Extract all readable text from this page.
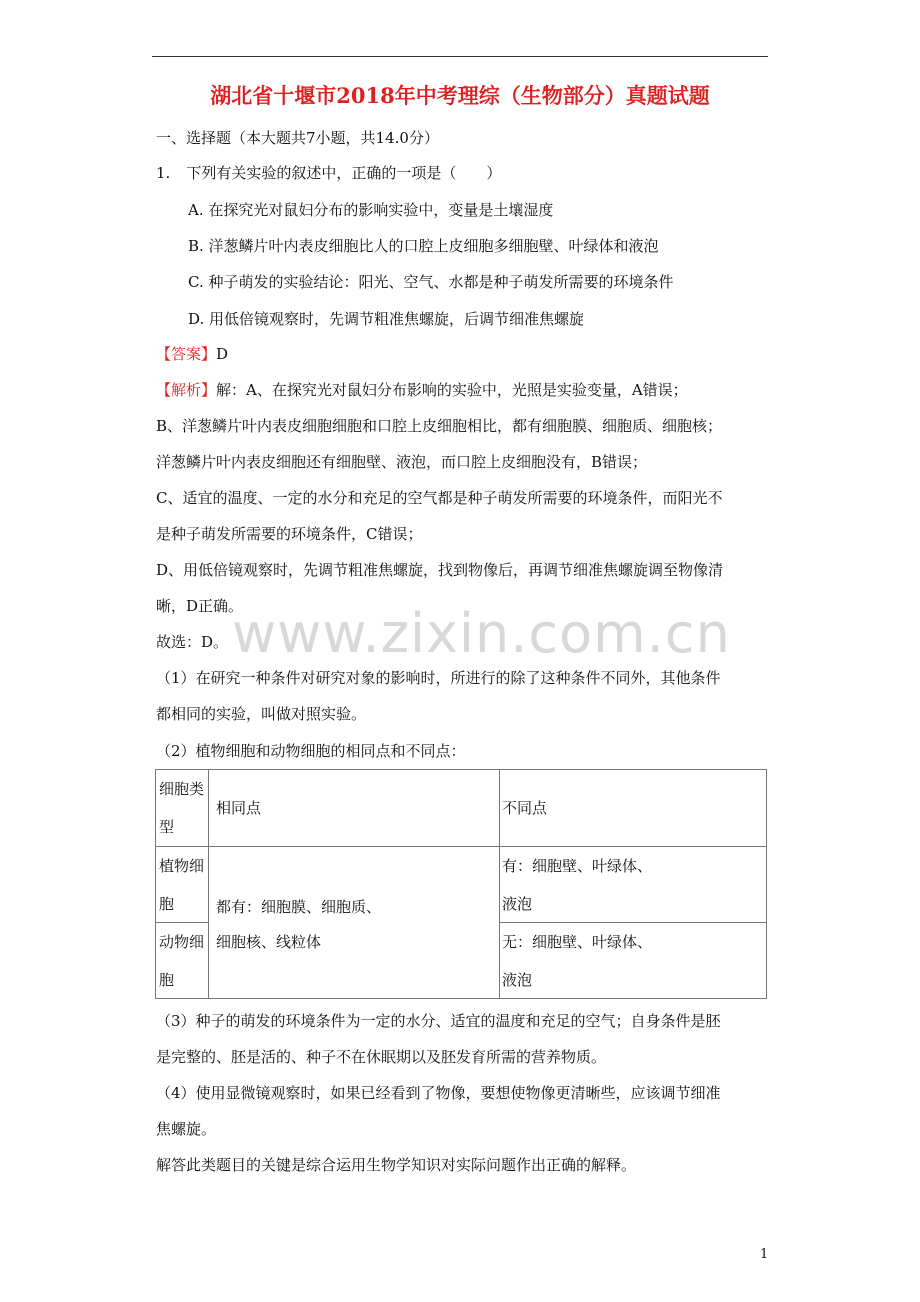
湖北省十堰市2018年中考理综（生物部分）真题试题
一、选择题（本大题共7小题，共14.0分）
1. 下列有关实验的叙述中，正确的一项是（　　）
A. 在探究光对鼠妇分布的影响实验中，变量是土壤湿度
B. 洋葱鳞片叶内表皮细胞比人的口腔上皮细胞多细胞壁、叶绿体和液泡
C. 种子萌发的实验结论：阳光、空气、水都是种子萌发所需要的环境条件
D. 用低倍镜观察时，先调节粗准焦螺旋，后调节细准焦螺旋
【答案】D
【解析】解：A、在探究光对鼠妇分布影响的实验中，光照是实验变量，A错误；
B、洋葱鳞片叶内表皮细胞细胞和口腔上皮细胞相比，都有细胞膜、细胞质、细胞核；
洋葱鳞片叶内表皮细胞还有细胞壁、液泡，而口腔上皮细胞没有，B错误；
C、适宜的温度、一定的水分和充足的空气都是种子萌发所需要的环境条件，而阳光不
是种子萌发所需要的环境条件，C错误；
D、用低倍镜观察时，先调节粗准焦螺旋，找到物像后，再调节细准焦螺旋调至物像清
晰，D正确。
故选：D。 www.zixin.com.cn
（1）在研究一种条件对研究对象的影响时，所进行的除了这种条件不同外，其他条件
都相同的实验，叫做对照实验。
（2）植物细胞和动物细胞的相同点和不同点：
细胞类
型
相同点	不同点
植物细
胞
动物细
胞
都有：细胞膜、细胞质、
细胞核、线粒体
有：细胞壁、叶绿体、
液泡
无：细胞壁、叶绿体、
液泡
（3）种子的萌发的环境条件为一定的水分、适宜的温度和充足的空气；自身条件是胚
是完整的、胚是活的、种子不在休眠期以及胚发育所需的营养物质。
（4）使用显微镜观察时，如果已经看到了物像，要想使物像更清晰些，应该调节细准
焦螺旋。
解答此类题目的关键是综合运用生物学知识对实际问题作出正确的解释。
1
